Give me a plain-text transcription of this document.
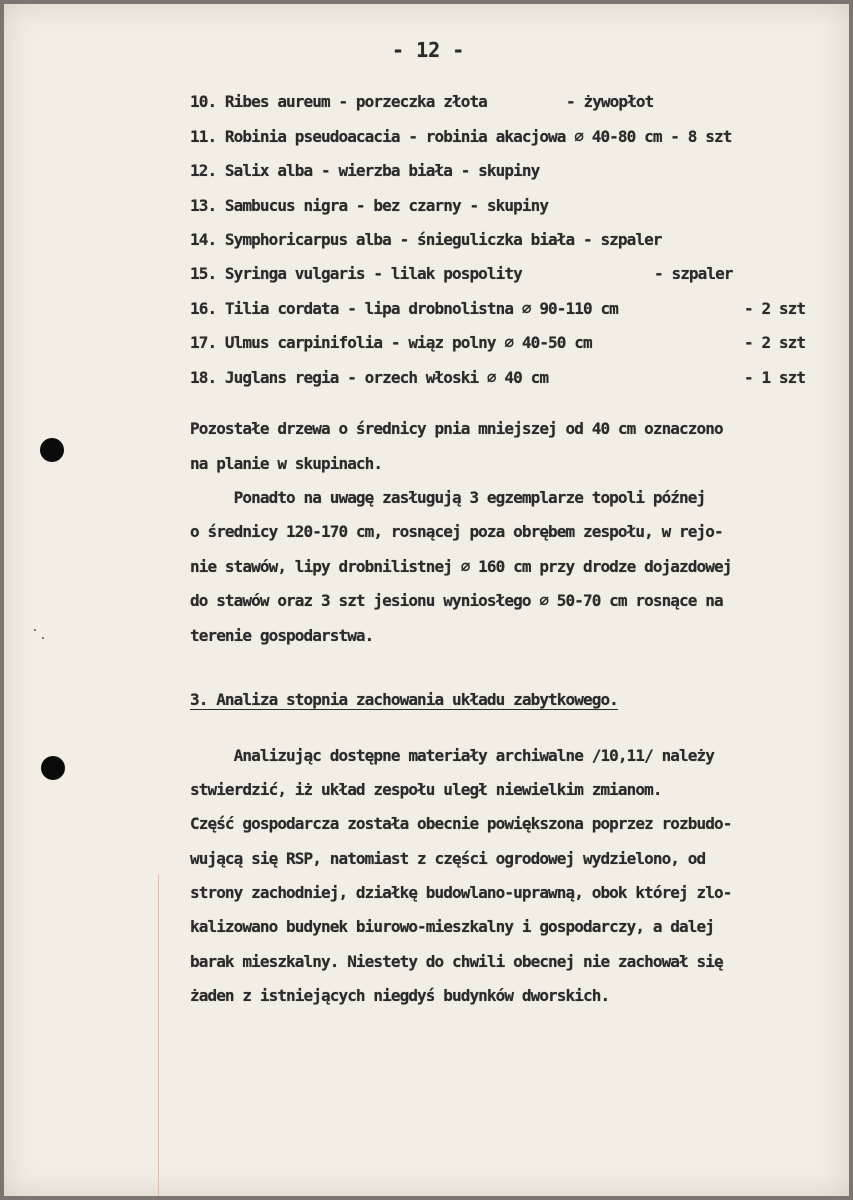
- 12 -
10. Ribes aureum - porzeczka złota	- żywopłot
11. Robinia pseudoacacia - robinia akacjowa ⌀ 40-80 cm - 8 szt
12. Salix alba - wierzba biała - skupiny
13. Sambucus nigra - bez czarny - skupiny
14. Symphoricarpus alba - śnieguliczka biała - szpaler
15. Syringa vulgaris - lilak pospolity	- szpaler
16. Tilia cordata - lipa drobnolistna ⌀ 90-110 cm	- 2 szt
17. Ulmus carpinifolia - wiąz polny ⌀ 40-50 cm	- 2 szt
18. Juglans regia - orzech włoski ⌀ 40 cm	- 1 szt
Pozostałe drzewa o średnicy pnia mniejszej od 40 cm oznaczono
na planie w skupinach.
Ponadto na uwagę zasługują 3 egzemplarze topoli późnej
o średnicy 120-170 cm, rosnącej poza obrębem zespołu, w rejo-
nie stawów, lipy drobnilistnej ⌀ 160 cm przy drodze dojazdowej
do stawów oraz 3 szt jesionu wyniosłego ⌀ 50-70 cm rosnące na
terenie gospodarstwa.
3. Analiza stopnia zachowania układu zabytkowego.
Analizując dostępne materiały archiwalne /10,11/ należy
stwierdzić, iż układ zespołu uległ niewielkim zmianom.
Część gospodarcza została obecnie powiększona poprzez rozbudo-
wującą się RSP, natomiast z części ogrodowej wydzielono, od
strony zachodniej, działkę budowlano-uprawną, obok której zlo-
kalizowano budynek biurowo-mieszkalny i gospodarczy, a dalej
barak mieszkalny. Niestety do chwili obecnej nie zachował się
żaden z istniejących niegdyś budynków dworskich.
